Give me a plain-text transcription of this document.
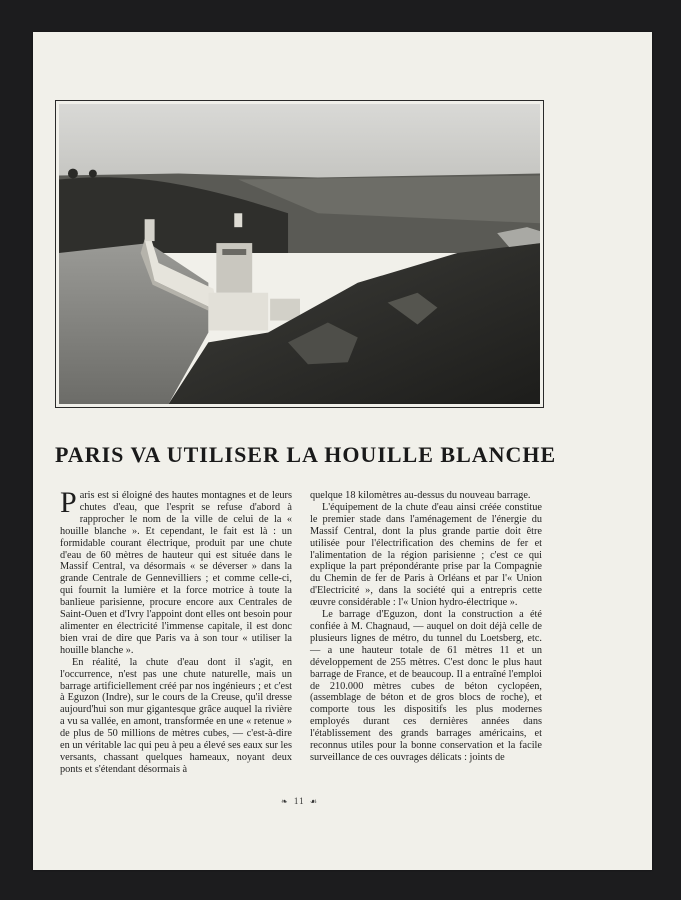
PARIS VA UTILISER LA HOUILLE BLANCHE

Paris est si éloigné des hautes montagnes et de leurs chutes d'eau, que l'esprit se refuse d'abord à rapprocher le nom de la ville de celui de la « houille blanche ». Et cependant, le fait est là : un formidable courant électrique, produit par une chute d'eau de 60 mètres de hauteur qui est située dans le Massif Central, va désormais « se déverser » dans la grande Centrale de Gennevilliers ; et comme celle-ci, qui fournit la lumière et la force motrice à toute la banlieue parisienne, procure encore aux Centrales de Saint-Ouen et d'Ivry l'appoint dont elles ont besoin pour alimenter en électricité l'immense capitale, il est donc bien vrai de dire que Paris va à son tour « utiliser la houille blanche ».

En réalité, la chute d'eau dont il s'agit, en l'occurrence, n'est pas une chute naturelle, mais un barrage artificiellement créé par nos ingénieurs ; et c'est à Eguzon (Indre), sur le cours de la Creuse, qu'il dresse aujourd'hui son mur gigantesque grâce auquel la rivière a vu sa vallée, en amont, transformée en une « retenue » de plus de 50 millions de mètres cubes, — c'est-à-dire en un véritable lac qui peu à peu a élevé ses eaux sur les versants, chassant quelques hameaux, noyant deux ponts et s'étendant désormais à

quelque 18 kilomètres au-dessus du nouveau barrage.

L'équipement de la chute d'eau ainsi créée constitue le premier stade dans l'aménagement de l'énergie du Massif Central, dont la plus grande partie doit être utilisée pour l'électrification des chemins de fer et l'alimentation de la région parisienne ; c'est ce qui explique la part prépondérante prise par la Compagnie du Chemin de fer de Paris à Orléans et par l'« Union d'Electricité », dans la société qui a entrepris cette œuvre considérable : l'« Union hydro-électrique ».

Le barrage d'Eguzon, dont la construction a été confiée à M. Chagnaud, — auquel on doit déjà celle de plusieurs lignes de métro, du tunnel du Loetsberg, etc. — a une hauteur totale de 61 mètres 11 et un développement de 255 mètres. C'est donc le plus haut barrage de France, et de beaucoup. Il a entraîné l'emploi de 210.000 mètres cubes de béton cyclopéen, (assemblage de béton et de gros blocs de roche), et comporte tous les dispositifs les plus modernes employés durant ces dernières années dans l'établissement des grands barrages américains, et reconnus utiles pour la bonne conservation et la facile surveillance de ces ouvrages délicats : joints de

❧ 11 ☙
